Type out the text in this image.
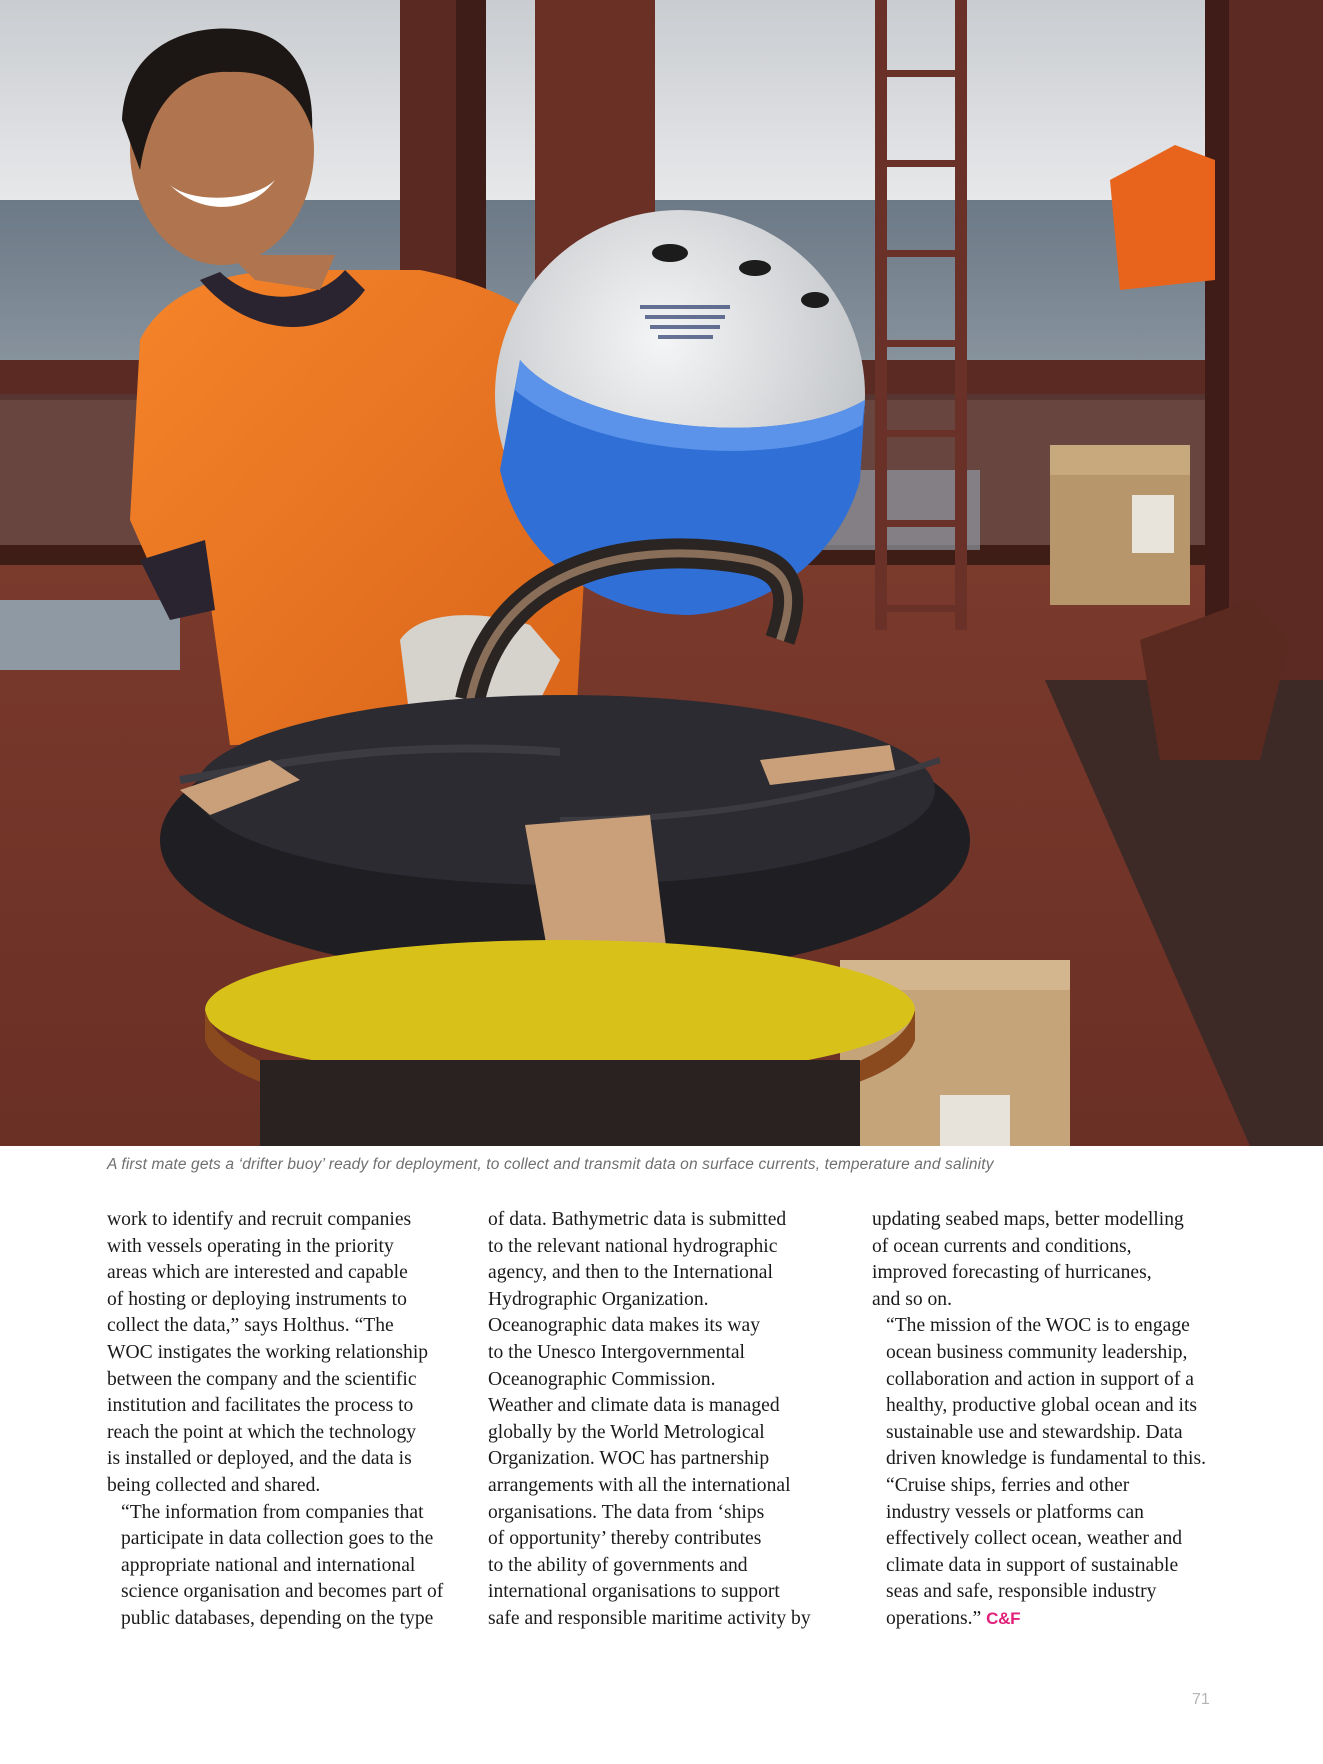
A first mate gets a ‘drifter buoy’ ready for deployment, to collect and transmit data on surface currents, temperature and salinity

work to identify and recruit companies
with vessels operating in the priority
areas which are interested and capable
of hosting or deploying instruments to
collect the data,” says Holthus. “The
WOC instigates the working relationship
between the company and the scientific
institution and facilitates the process to
reach the point at which the technology
is installed or deployed, and the data is
being collected and shared.

“The information from companies that
participate in data collection goes to the
appropriate national and international
science organisation and becomes part of
public databases, depending on the type

of data. Bathymetric data is submitted
to the relevant national hydrographic
agency, and then to the International
Hydrographic Organization.
Oceanographic data makes its way
to the Unesco Intergovernmental
Oceanographic Commission.
Weather and climate data is managed
globally by the World Metrological
Organization. WOC has partnership
arrangements with all the international
organisations. The data from ‘ships
of opportunity’ thereby contributes
to the ability of governments and
international organisations to support
safe and responsible maritime activity by

updating seabed maps, better modelling
of ocean currents and conditions,
improved forecasting of hurricanes,
and so on.

“The mission of the WOC is to engage
ocean business community leadership,
collaboration and action in support of a
healthy, productive global ocean and its
sustainable use and stewardship. Data
driven knowledge is fundamental to this.

“Cruise ships, ferries and other
industry vessels or platforms can
effectively collect ocean, weather and
climate data in support of sustainable
seas and safe, responsible industry
operations.” C&F

71
